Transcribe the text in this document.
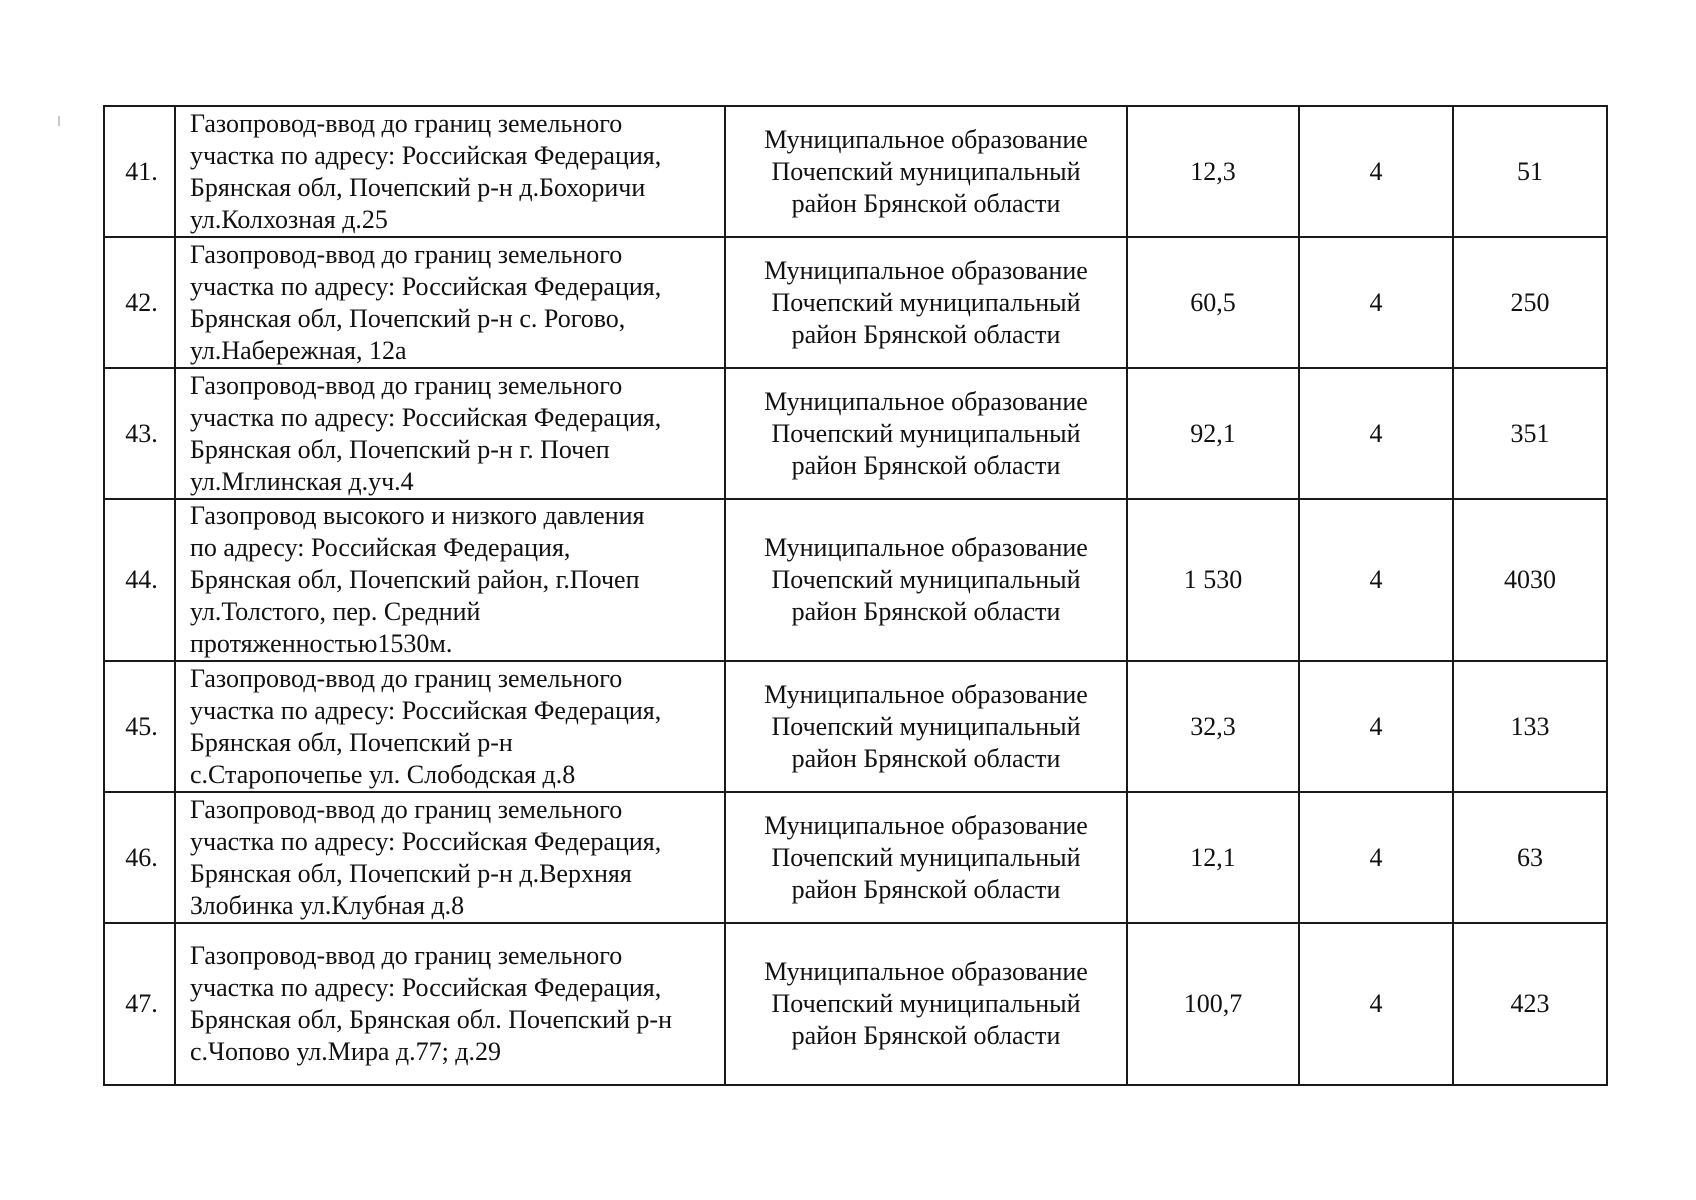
41.	Газопровод-ввод до границ земельного
участка по адресу: Российская Федерация,
Брянская обл, Почепский р-н д.Бохоричи
ул.Колхозная д.25	Муниципальное образование
Почепский муниципальный
район Брянской области	12,3	4	51
42.	Газопровод-ввод до границ земельного
участка по адресу: Российская Федерация,
Брянская обл, Почепский р-н с. Рогово,
ул.Набережная, 12а	Муниципальное образование
Почепский муниципальный
район Брянской области	60,5	4	250
43.	Газопровод-ввод до границ земельного
участка по адресу: Российская Федерация,
Брянская обл, Почепский р-н г. Почеп
ул.Мглинская д.уч.4	Муниципальное образование
Почепский муниципальный
район Брянской области	92,1	4	351
44.	Газопровод высокого и низкого давления
по адресу: Российская Федерация,
Брянская обл, Почепский район, г.Почеп
ул.Толстого, пер. Средний
протяженностью1530м.	Муниципальное образование
Почепский муниципальный
район Брянской области	1 530	4	4030
45.	Газопровод-ввод до границ земельного
участка по адресу: Российская Федерация,
Брянская обл, Почепский р-н
с.Старопочепье ул. Слободская д.8	Муниципальное образование
Почепский муниципальный
район Брянской области	32,3	4	133
46.	Газопровод-ввод до границ земельного
участка по адресу: Российская Федерация,
Брянская обл, Почепский р-н д.Верхняя
Злобинка ул.Клубная д.8	Муниципальное образование
Почепский муниципальный
район Брянской области	12,1	4	63
47.	Газопровод-ввод до границ земельного
участка по адресу: Российская Федерация,
Брянская обл, Брянская обл. Почепский р-н
с.Чопово ул.Мира д.77; д.29	Муниципальное образование
Почепский муниципальный
район Брянской области	100,7	4	423
